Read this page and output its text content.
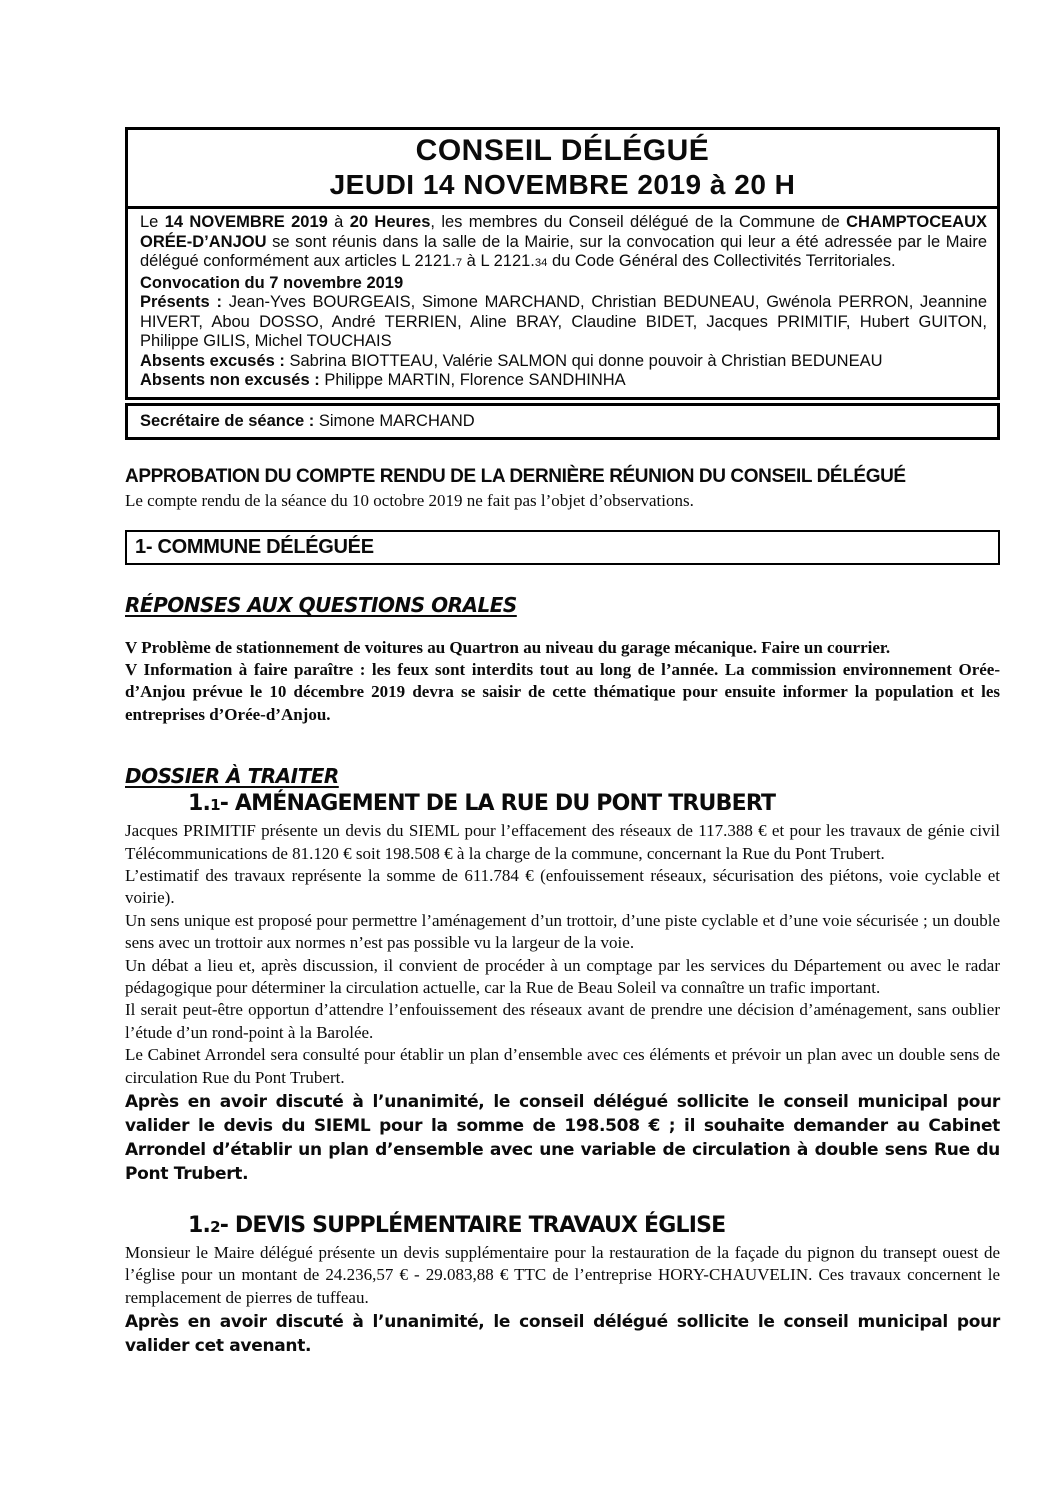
CONSEIL DÉLÉGUÉ
JEUDI 14 NOVEMBRE 2019 à 20 H

Le 14 NOVEMBRE 2019 à 20 Heures, les membres du Conseil délégué de la Commune de CHAMPTOCEAUX ORÉE-D’ANJOU se sont réunis dans la salle de la Mairie, sur la convocation qui leur a été adressée par le Maire délégué conformément aux articles L 2121.7 à L 2121.34 du Code Général des Collectivités Territoriales.

Convocation du 7 novembre 2019

Présents : Jean-Yves BOURGEAIS, Simone MARCHAND, Christian BEDUNEAU, Gwénola PERRON, Jeannine HIVERT, Abou DOSSO, André TERRIEN, Aline BRAY, Claudine BIDET, Jacques PRIMITIF, Hubert GUITON, Philippe GILIS, Michel TOUCHAIS

Absents excusés : Sabrina BIOTTEAU, Valérie SALMON qui donne pouvoir à Christian BEDUNEAU

Absents non excusés : Philippe MARTIN, Florence SANDHINHA

Secrétaire de séance : Simone MARCHAND

APPROBATION DU COMPTE RENDU DE LA DERNIÈRE RÉUNION DU CONSEIL DÉLÉGUÉ

Le compte rendu de la séance du 10 octobre 2019 ne fait pas l’objet d’observations.

1- COMMUNE DÉLÉGUÉE
RÉPONSES AUX QUESTIONS ORALES

V Problème de stationnement de voitures au Quartron au niveau du garage mécanique. Faire un courrier.

V Information à faire paraître : les feux sont interdits tout au long de l’année. La commission environnement Orée-d’Anjou prévue le 10 décembre 2019 devra se saisir de cette thématique pour ensuite informer la population et les entreprises d’Orée-d’Anjou.

DOSSIER À TRAITER
1.1- AMÉNAGEMENT DE LA RUE DU PONT TRUBERT

Jacques PRIMITIF présente un devis du SIEML pour l’effacement des réseaux de 117.388 € et pour les travaux de génie civil Télécommunications de 81.120 € soit 198.508 € à la charge de la commune, concernant la Rue du Pont Trubert.

L’estimatif des travaux représente la somme de 611.784 € (enfouissement réseaux, sécurisation des piétons, voie cyclable et voirie).

Un sens unique est proposé pour permettre l’aménagement d’un trottoir, d’une piste cyclable et d’une voie sécurisée ; un double sens avec un trottoir aux normes n’est pas possible vu la largeur de la voie.

Un débat a lieu et, après discussion, il convient de procéder à un comptage par les services du Département ou avec le radar pédagogique pour déterminer la circulation actuelle, car la Rue de Beau Soleil va connaître un trafic important.

Il serait peut-être opportun d’attendre l’enfouissement des réseaux avant de prendre une décision d’aménagement, sans oublier l’étude d’un rond-point à la Barolée.

Le Cabinet Arrondel sera consulté pour établir un plan d’ensemble avec ces éléments et prévoir un plan avec un double sens de circulation Rue du Pont Trubert.

Après en avoir discuté à l’unanimité, le conseil délégué sollicite le conseil municipal pour valider le devis du SIEML pour la somme de 198.508 € ; il souhaite demander au Cabinet Arrondel d’établir un plan d’ensemble avec une variable de circulation à double sens Rue du Pont Trubert.

1.2- DEVIS SUPPLÉMENTAIRE TRAVAUX ÉGLISE

Monsieur le Maire délégué présente un devis supplémentaire pour la restauration de la façade du pignon du transept ouest de l’église pour un montant de 24.236,57 € - 29.083,88 € TTC de l’entreprise HORY-CHAUVELIN. Ces travaux concernent le remplacement de pierres de tuffeau.

Après en avoir discuté à l’unanimité, le conseil délégué sollicite le conseil municipal pour valider cet avenant.
